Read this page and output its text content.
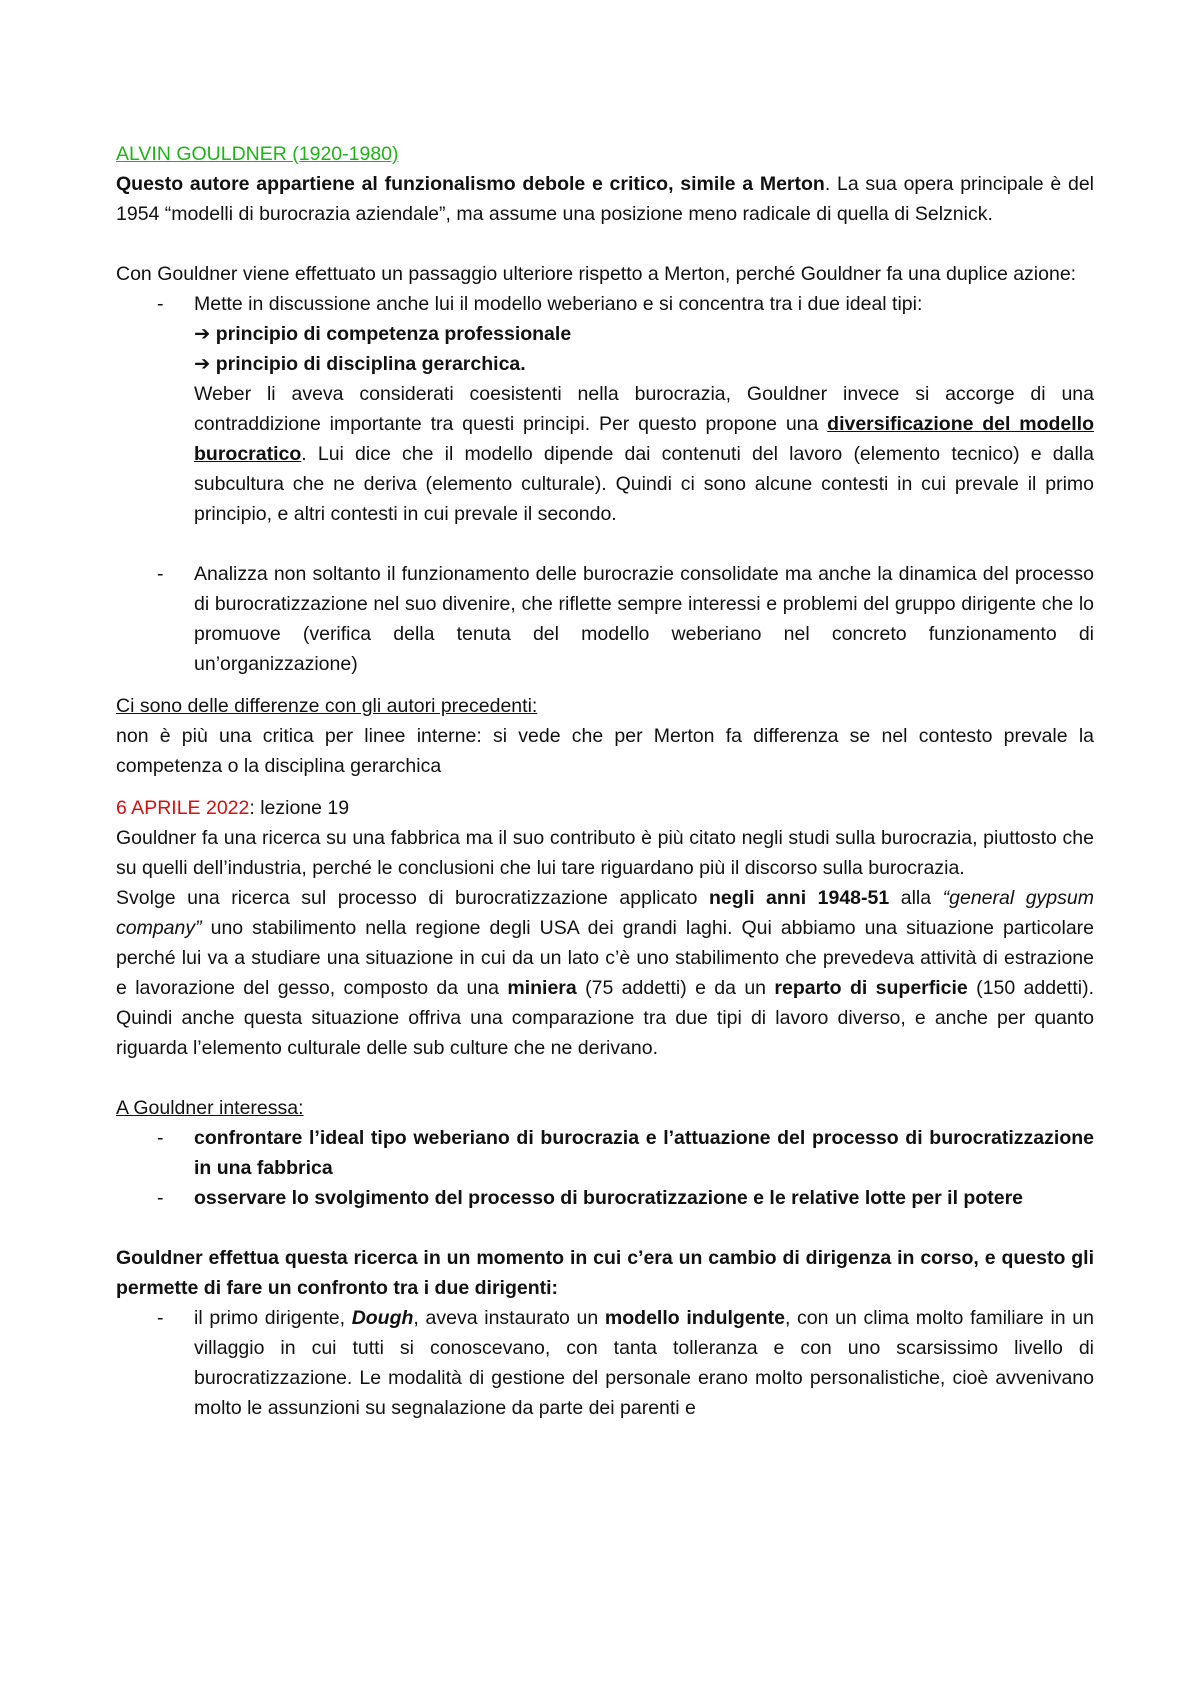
ALVIN GOULDNER (1920-1980)

Questo autore appartiene al funzionalismo debole e critico, simile a Merton. La sua opera principale è del 1954 “modelli di burocrazia aziendale”, ma assume una posizione meno radicale di quella di Selznick.

Con Gouldner viene effettuato un passaggio ulteriore rispetto a Merton, perché Gouldner fa una duplice azione:

- Mette in discussione anche lui il modello weberiano e si concentra tra i due ideal tipi:
➔ principio di competenza professionale
➔ principio di disciplina gerarchica.
Weber li aveva considerati coesistenti nella burocrazia, Gouldner invece si accorge di una contraddizione importante tra questi principi. Per questo propone una diversificazione del modello burocratico. Lui dice che il modello dipende dai contenuti del lavoro (elemento tecnico) e dalla subcultura che ne deriva (elemento culturale). Quindi ci sono alcune contesti in cui prevale il primo principio, e altri contesti in cui prevale il secondo.
- Analizza non soltanto il funzionamento delle burocrazie consolidate ma anche la dinamica del processo di burocratizzazione nel suo divenire, che riflette sempre interessi e problemi del gruppo dirigente che lo promuove (verifica della tenuta del modello weberiano nel concreto funzionamento di un’organizzazione)

Ci sono delle differenze con gli autori precedenti:

non è più una critica per linee interne: si vede che per Merton fa differenza se nel contesto prevale la competenza o la disciplina gerarchica

6 APRILE 2022: lezione 19

Gouldner fa una ricerca su una fabbrica ma il suo contributo è più citato negli studi sulla burocrazia, piuttosto che su quelli dell’industria, perché le conclusioni che lui tare riguardano più il discorso sulla burocrazia.

Svolge una ricerca sul processo di burocratizzazione applicato negli anni 1948-51 alla “general gypsum company” uno stabilimento nella regione degli USA dei grandi laghi. Qui abbiamo una situazione particolare perché lui va a studiare una situazione in cui da un lato c’è uno stabilimento che prevedeva attività di estrazione e lavorazione del gesso, composto da una miniera (75 addetti) e da un reparto di superficie (150 addetti). Quindi anche questa situazione offriva una comparazione tra due tipi di lavoro diverso, e anche per quanto riguarda l’elemento culturale delle sub culture che ne derivano.

A Gouldner interessa:

- confrontare l’ideal tipo weberiano di burocrazia e l’attuazione del processo di burocratizzazione in una fabbrica
- osservare lo svolgimento del processo di burocratizzazione e le relative lotte per il potere

Gouldner effettua questa ricerca in un momento in cui c’era un cambio di dirigenza in corso, e questo gli permette di fare un confronto tra i due dirigenti:

- il primo dirigente, Dough, aveva instaurato un modello indulgente, con un clima molto familiare in un villaggio in cui tutti si conoscevano, con tanta tolleranza e con uno scarsissimo livello di burocratizzazione. Le modalità di gestione del personale erano molto personalistiche, cioè avvenivano molto le assunzioni su segnalazione da parte dei parenti e
